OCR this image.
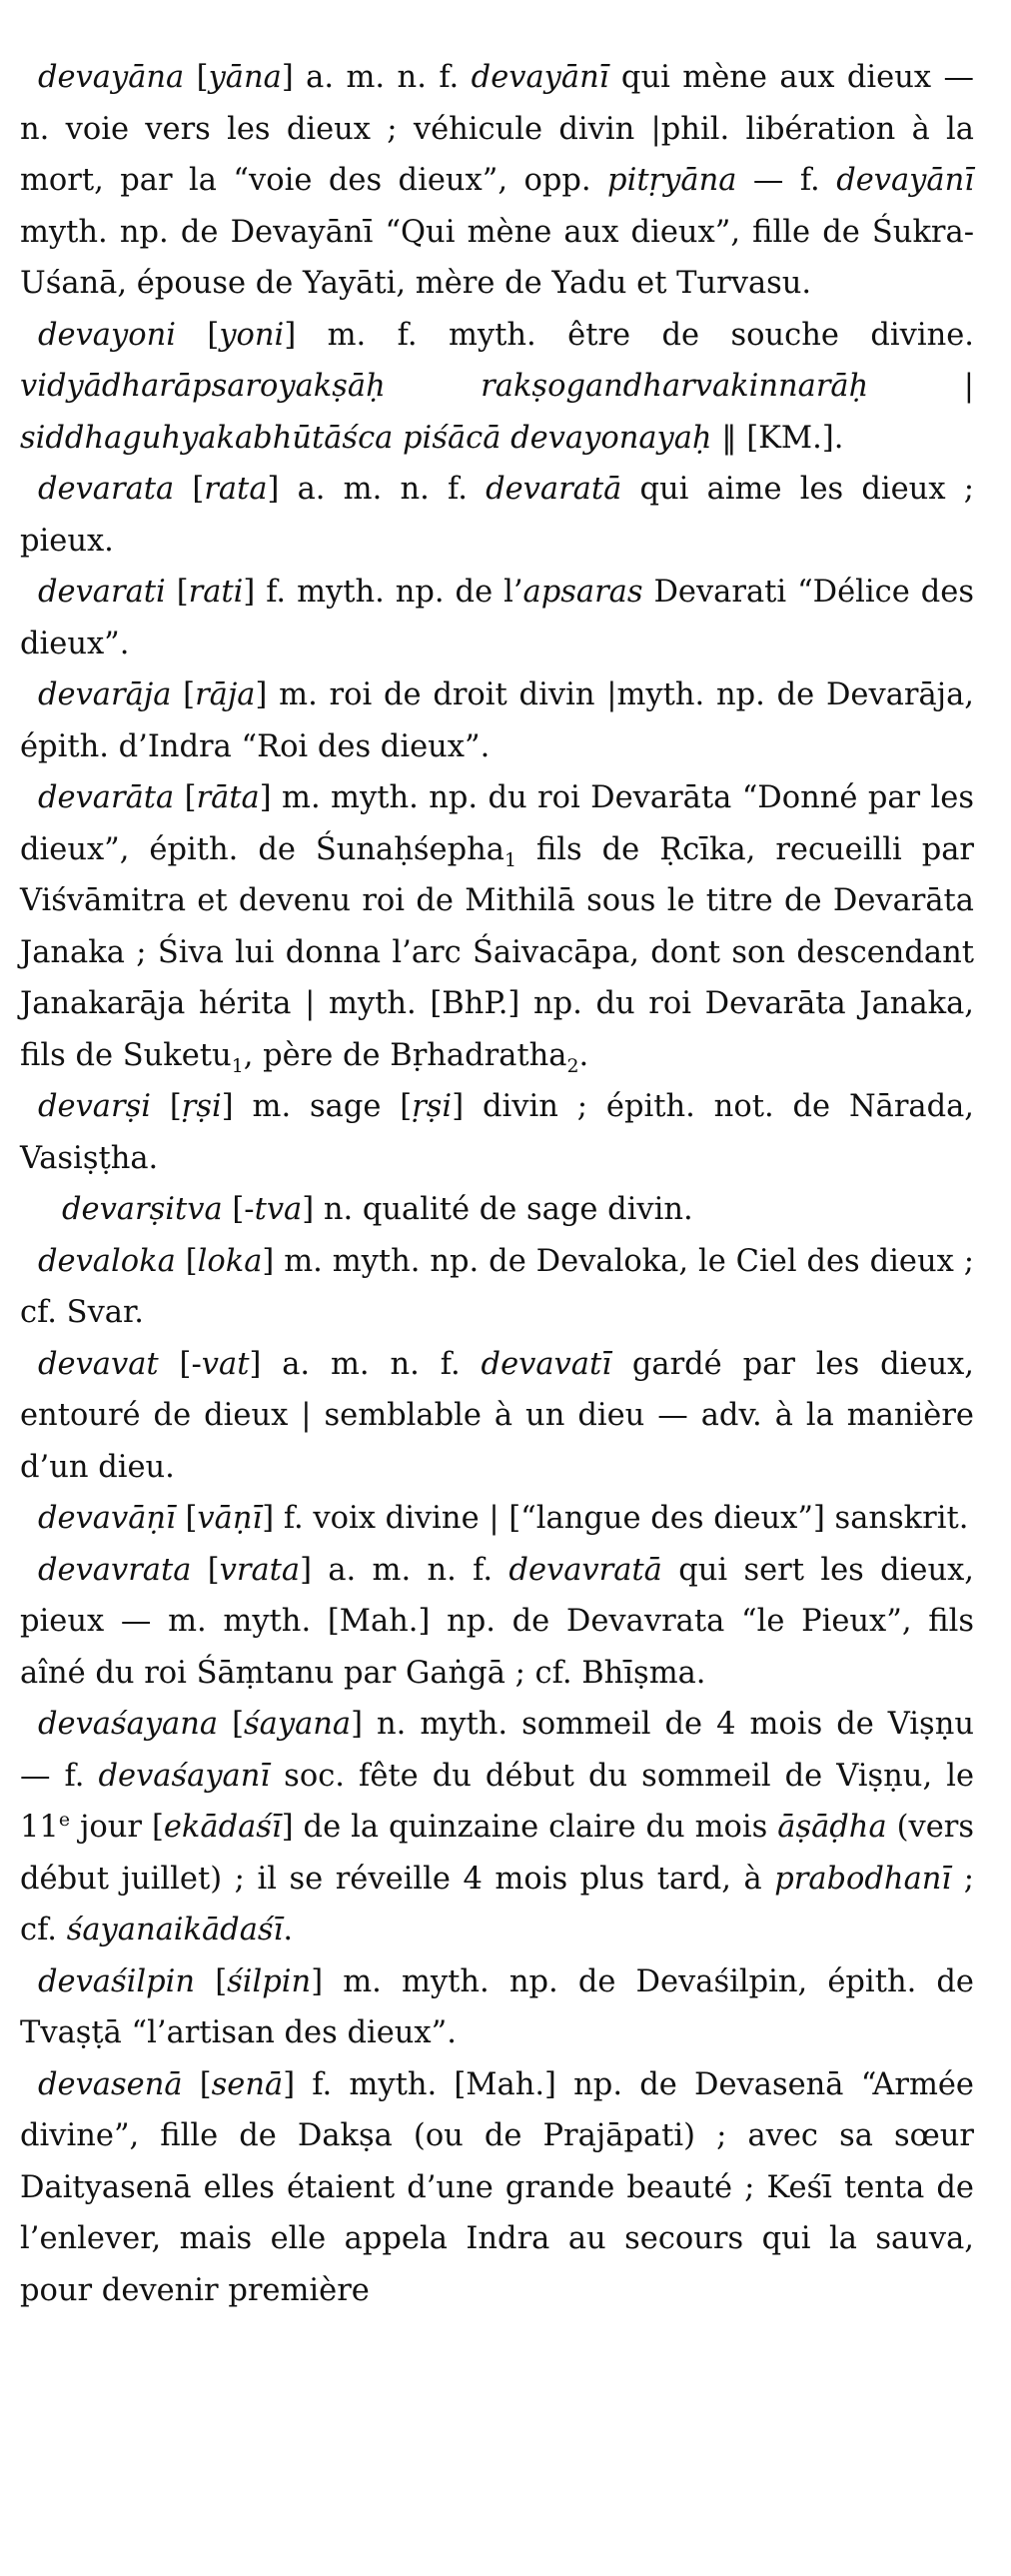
devayāna [yāna] a. m. n. f. devayānī qui mène aux dieux — n. voie vers les dieux ; véhicule divin |phil. libération à la mort, par la “voie des dieux”, opp. pitṛyāna — f. devayānī myth. np. de Devayānī “Qui mène aux dieux”, fille de Śukra-Uśanā, épouse de Yayāti, mère de Yadu et Turvasu.

devayoni [yoni] m. f. myth. être de souche divine. vidyādharāpsaroyakṣāḥ rakṣogandharvakinnarāḥ | siddhaguhyakabhūtāśca piśācā devayonayaḥ ‖ [KM.].

devarata [rata] a. m. n. f. devaratā qui aime les dieux ; pieux.

devarati [rati] f. myth. np. de l’apsaras Devarati “Délice des dieux”.

devarāja [rāja] m. roi de droit divin |myth. np. de Devarāja, épith. d’Indra “Roi des dieux”.

devarāta [rāta] m. myth. np. du roi Devarāta “Donné par les dieux”, épith. de Śunaḥśepha$_1$ fils de Ṛcīka, recueilli par Viśvāmitra et devenu roi de Mithilā sous le titre de Devarāta Janaka ; Śiva lui donna l’arc Śaivacāpa, dont son descendant Janakarāja hérita | myth. [BhP.] np. du roi Devarāta Janaka, fils de Suketu$_1$, père de Bṛhadratha$_2$.

devarṣi [ṛṣi] m. sage [ṛṣi] divin ; épith. not. de Nārada, Vasiṣṭha.

devarṣitva [-tva] n. qualité de sage divin.

devaloka [loka] m. myth. np. de Devaloka, le Ciel des dieux ; cf. Svar.

devavat [-vat] a. m. n. f. devavatī gardé par les dieux, entouré de dieux | semblable à un dieu — adv. à la manière d’un dieu.

devavāṇī [vāṇī] f. voix divine | [“langue des dieux”] sanskrit.

devavrata [vrata] a. m. n. f. devavratā qui sert les dieux, pieux — m. myth. [Mah.] np. de Devavrata “le Pieux”, fils aîné du roi Śāṃtanu par Gaṅgā ; cf. Bhīṣma.

devaśayana [śayana] n. myth. sommeil de 4 mois de Viṣṇu — f. devaśayanī soc. fête du début du sommeil de Viṣṇu, le 11e jour [ekādaśī] de la quinzaine claire du mois āṣāḍha (vers début juillet) ; il se réveille 4 mois plus tard, à prabodhanī ; cf. śayanaikādaśī.

devaśilpin [śilpin] m. myth. np. de Devaśilpin, épith. de Tvaṣṭā “l’artisan des dieux”.

devasenā [senā] f. myth. [Mah.] np. de Devasenā “Armée divine”, fille de Dakṣa (ou de Prajāpati) ; avec sa sœur Daityasenā elles étaient d’une grande beauté ; Keśī tenta de l’enlever, mais elle appela Indra au secours qui la sauva, pour devenir première
